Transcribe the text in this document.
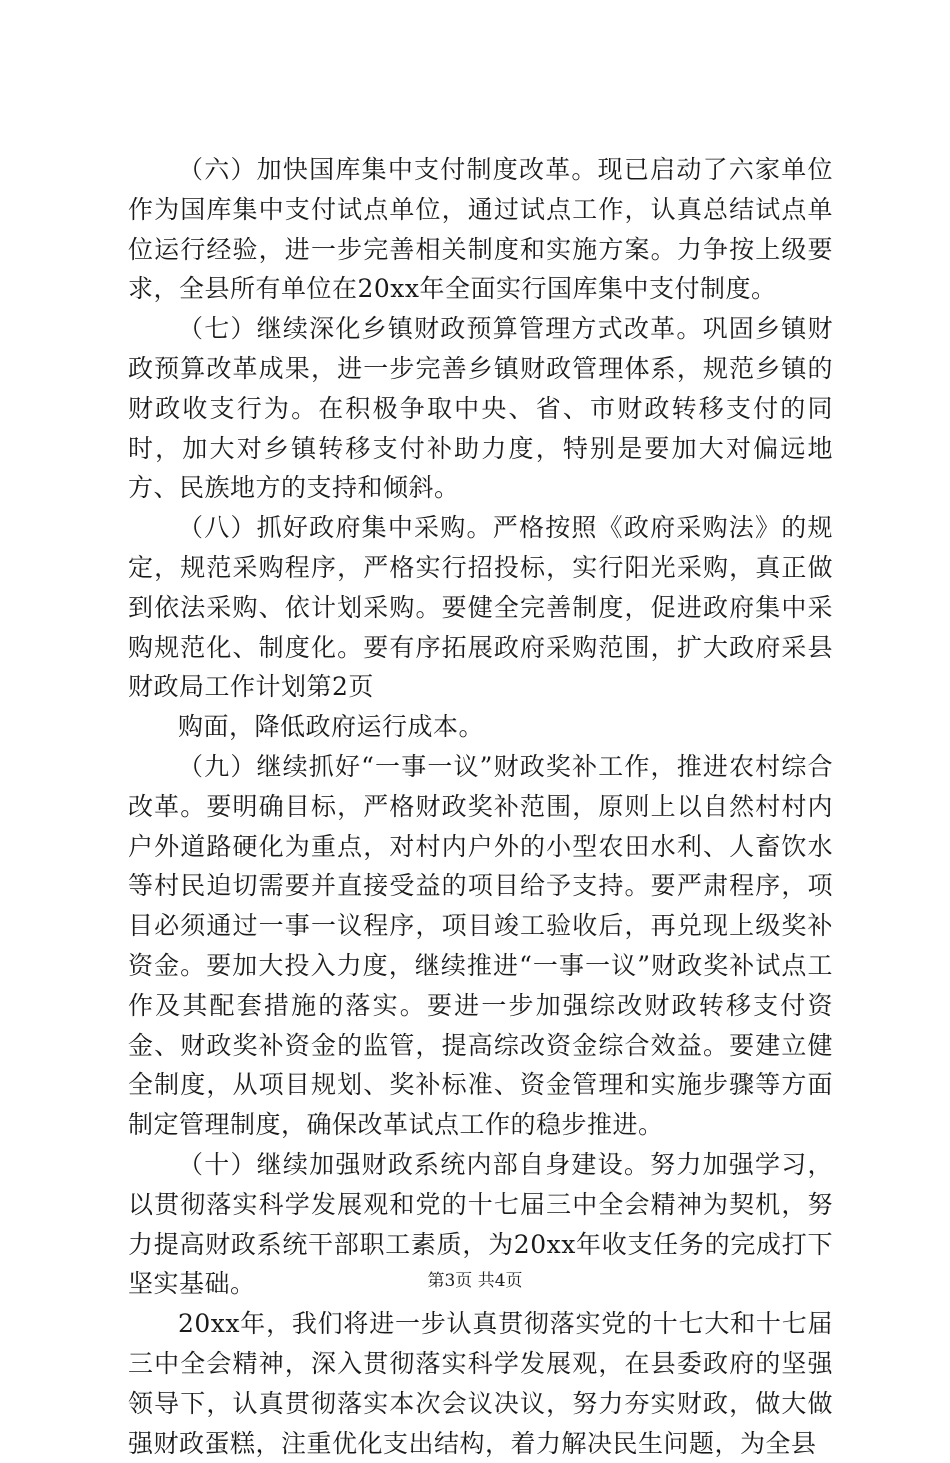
（六）加快国库集中支付制度改革。现已启动了六家单位作为国库集中支付试点单位，通过试点工作，认真总结试点单位运行经验，进一步完善相关制度和实施方案。力争按上级要求，全县所有单位在20xx年全面实行国库集中支付制度。

（七）继续深化乡镇财政预算管理方式改革。巩固乡镇财政预算改革成果，进一步完善乡镇财政管理体系，规范乡镇的财政收支行为。在积极争取中央、省、市财政转移支付的同时，加大对乡镇转移支付补助力度，特别是要加大对偏远地方、民族地方的支持和倾斜。

（八）抓好政府集中采购。严格按照《政府采购法》的规定，规范采购程序，严格实行招投标，实行阳光采购，真正做到依法采购、依计划采购。要健全完善制度，促进政府集中采购规范化、制度化。要有序拓展政府采购范围，扩大政府采县财政局工作计划第2页

购面，降低政府运行成本。

（九）继续抓好“一事一议”财政奖补工作，推进农村综合改革。要明确目标，严格财政奖补范围，原则上以自然村村内户外道路硬化为重点，对村内户外的小型农田水利、人畜饮水等村民迫切需要并直接受益的项目给予支持。要严肃程序，项目必须通过一事一议程序，项目竣工验收后，再兑现上级奖补资金。要加大投入力度，继续推进“一事一议”财政奖补试点工作及其配套措施的落实。要进一步加强综改财政转移支付资金、财政奖补资金的监管，提高综改资金综合效益。要建立健全制度，从项目规划、奖补标准、资金管理和实施步骤等方面制定管理制度，确保改革试点工作的稳步推进。

（十）继续加强财政系统内部自身建设。努力加强学习，以贯彻落实科学发展观和党的十七届三中全会精神为契机，努力提高财政系统干部职工素质，为20xx年收支任务的完成打下坚实基础。

20xx年，我们将进一步认真贯彻落实党的十七大和十七届三中全会精神，深入贯彻落实科学发展观，在县委政府的坚强领导下，认真贯彻落实本次会议决议，努力夯实财政，做大做强财政蛋糕，注重优化支出结构，着力解决民生问题，为全县

第3页 共4页
